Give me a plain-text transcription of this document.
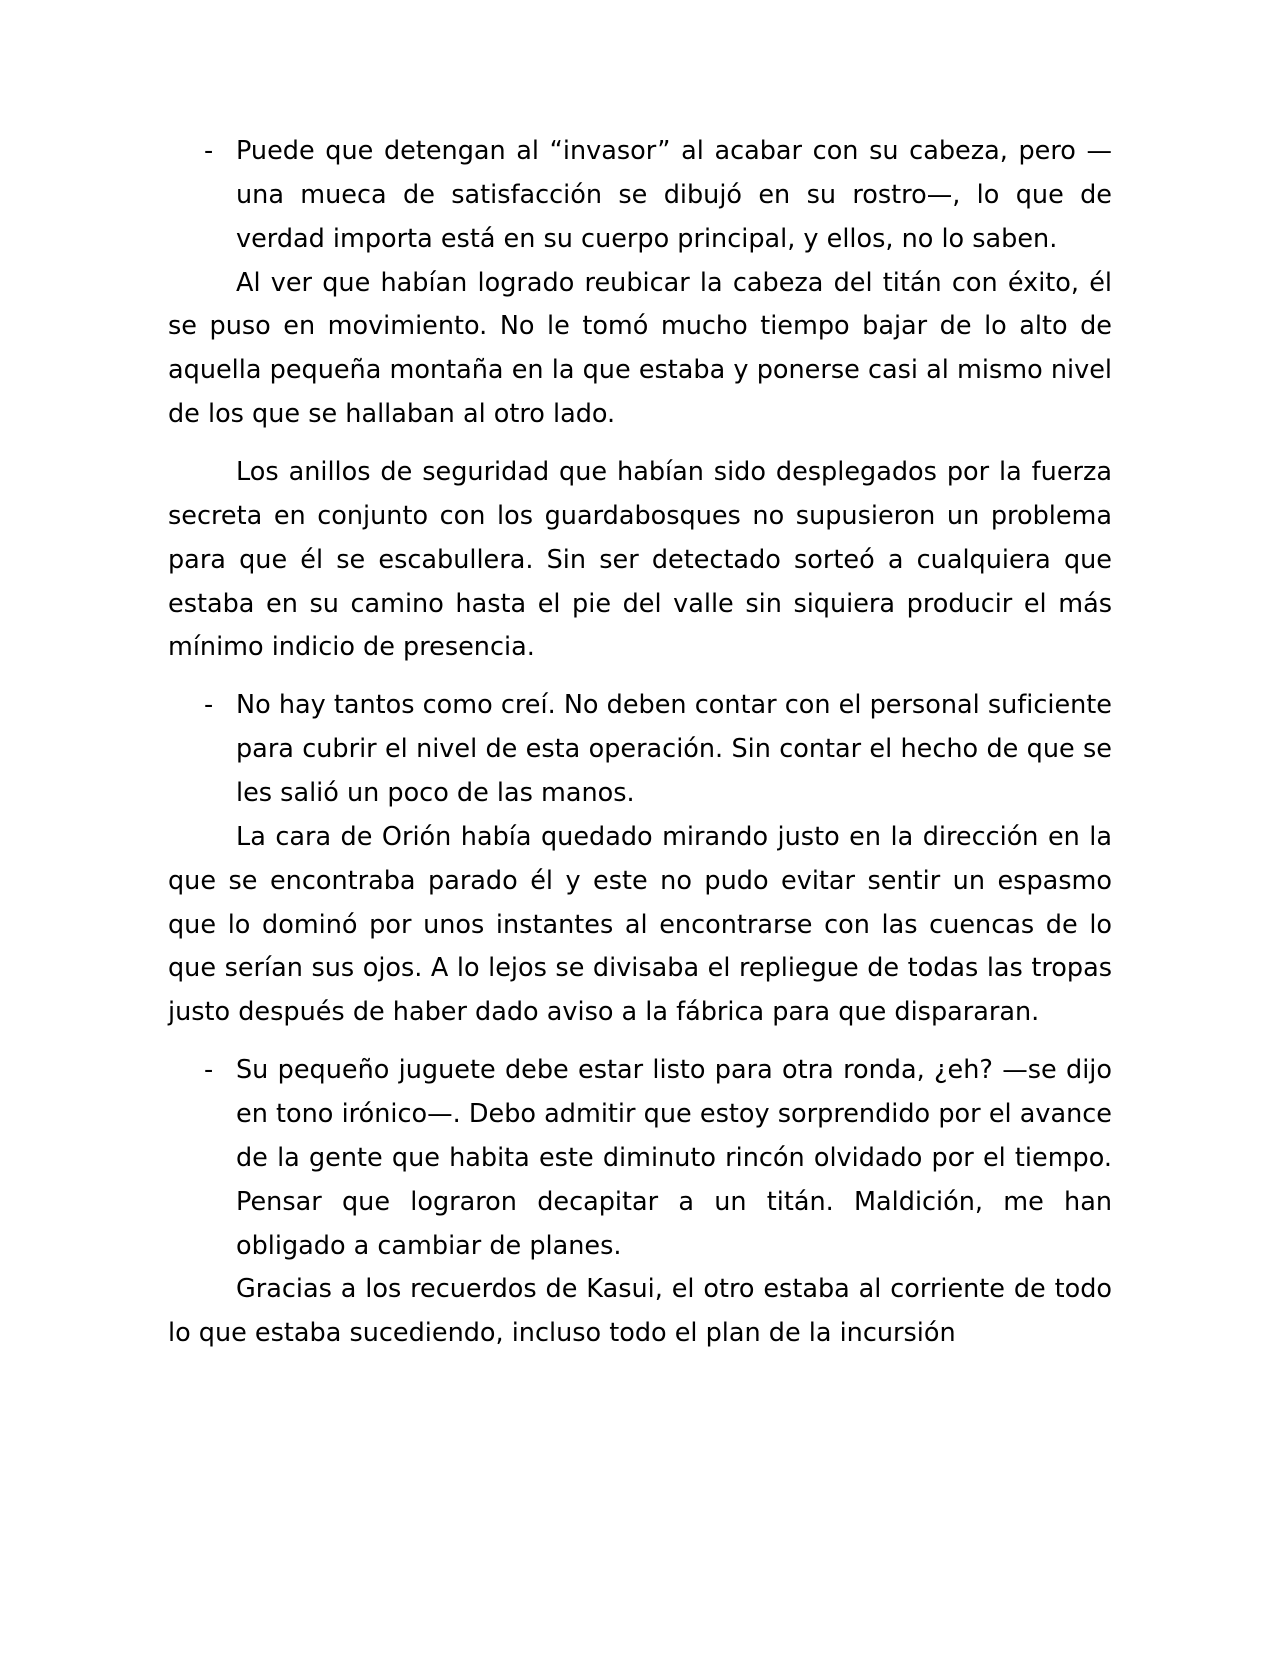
- Puede que detengan al “invasor” al acabar con su cabeza, pero —una mueca de satisfacción se dibujó en su rostro—, lo que de verdad importa está en su cuerpo principal, y ellos, no lo saben.

Al ver que habían logrado reubicar la cabeza del titán con éxito, él se puso en movimiento. No le tomó mucho tiempo bajar de lo alto de aquella pequeña montaña en la que estaba y ponerse casi al mismo nivel de los que se hallaban al otro lado.

Los anillos de seguridad que habían sido desplegados por la fuerza secreta en conjunto con los guardabosques no supusieron un problema para que él se escabullera. Sin ser detectado sorteó a cualquiera que estaba en su camino hasta el pie del valle sin siquiera producir el más mínimo indicio de presencia.

- No hay tantos como creí. No deben contar con el personal suficiente para cubrir el nivel de esta operación. Sin contar el hecho de que se les salió un poco de las manos.

La cara de Orión había quedado mirando justo en la dirección en la que se encontraba parado él y este no pudo evitar sentir un espasmo que lo dominó por unos instantes al encontrarse con las cuencas de lo que serían sus ojos. A lo lejos se divisaba el repliegue de todas las tropas justo después de haber dado aviso a la fábrica para que dispararan.

- Su pequeño juguete debe estar listo para otra ronda, ¿eh? —se dijo en tono irónico—. Debo admitir que estoy sorprendido por el avance de la gente que habita este diminuto rincón olvidado por el tiempo. Pensar que lograron decapitar a un titán. Maldición, me han obligado a cambiar de planes.

Gracias a los recuerdos de Kasui, el otro estaba al corriente de todo lo que estaba sucediendo, incluso todo el plan de la incursión
